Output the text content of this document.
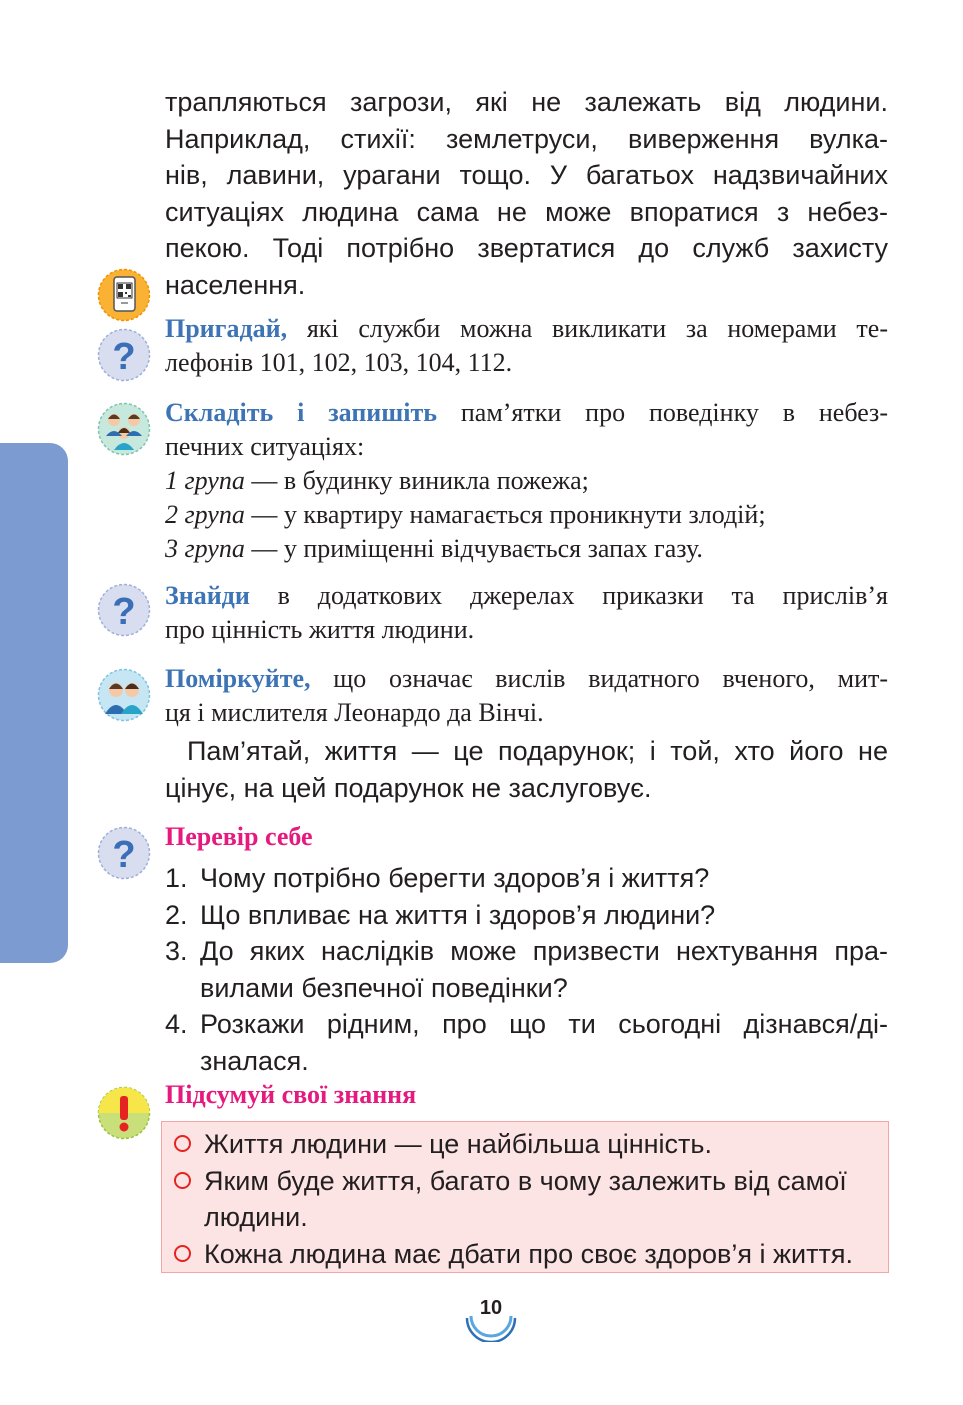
трапляються загрози, які не залежать від людини.
Наприклад, стихії: землетруси, виверження вулка-
нів, лавини, урагани тощо. У багатьох надзвичайних
ситуаціях людина сама не може впоратися з небез-
пекою. Тоді потрібно звертатися до служб захисту
населення.
?
Пригадай, які служби можна викликати за номерами те-
лефонів 101, 102, 103, 104, 112.
Складіть і запишіть пам’ятки про поведінку в небез-
печних ситуаціях:
1 група — в будинку виникла пожежа;
2 група — у квартиру намагається проникнути злодій;
3 група — у приміщенні відчувається запах газу.
? Знайди в додаткових джерелах приказки та прислів’я
про цінність життя людини.
Поміркуйте, що означає вислів видатного вченого, мит-
ця і мислителя Леонардо да Вінчі.
Пам’ятай, життя — це подарунок; і той, хто його не
цінує, на цей подарунок не заслуговує.
? Перевір себе
1. Чому потрібно берегти здоров’я і життя?
2. Що впливає на життя і здоров’я людини?
3. До яких наслідків може призвести нехтування пра-
вилами безпечної поведінки?
4. Розкажи рідним, про що ти сьогодні дізнався/ді-
зналася.
Підсумуй свої знання
Життя людини — це найбільша цінність.
Яким буде життя, багато в чому залежить від самої
людини.
Кожна людина має дбати про своє здоров’я і життя.
10
